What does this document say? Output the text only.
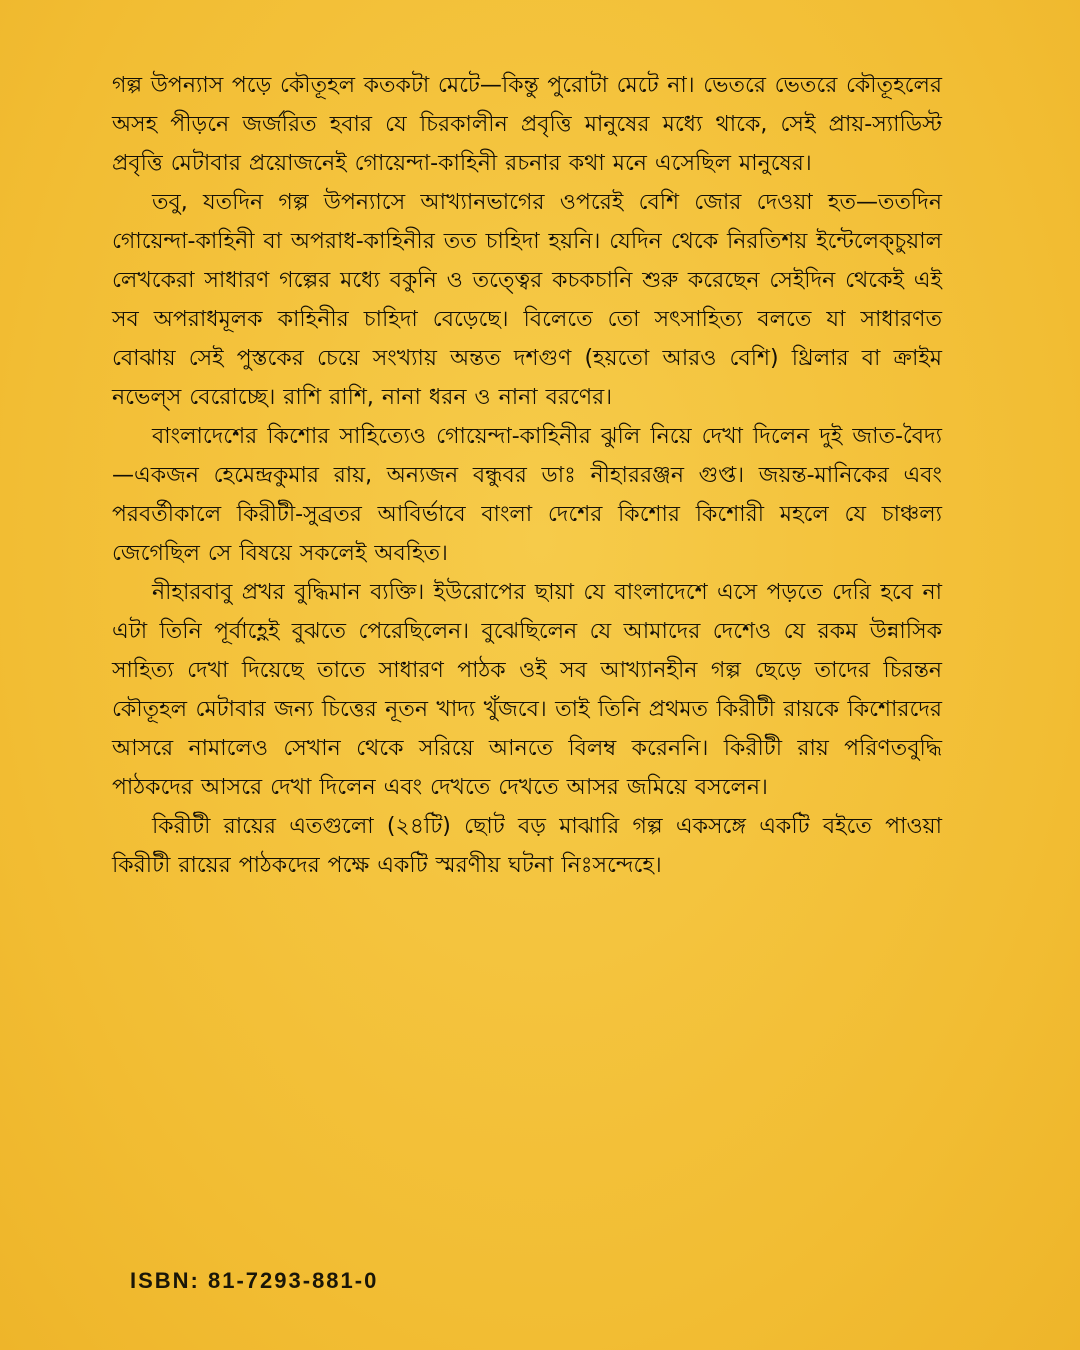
গল্প উপন্যাস পড়ে কৌতূহল কতকটা মেটে—কিন্তু পুরোটা মেটে না। ভেতরে ভেতরে কৌতূহলের অসহ পীড়নে জর্জরিত হবার যে চিরকালীন প্রবৃত্তি মানুষের মধ্যে থাকে, সেই প্রায়-স্যাডিস্ট প্রবৃত্তি মেটাবার প্রয়োজনেই গোয়েন্দা-কাহিনী রচনার কথা মনে এসেছিল মানুষের।

তবু, যতদিন গল্প উপন্যাসে আখ্যানভাগের ওপরেই বেশি জোর দেওয়া হত—ততদিন গোয়েন্দা-কাহিনী বা অপরাধ-কাহিনীর তত চাহিদা হয়নি। যেদিন থেকে নিরতিশয় ইন্টেলেক্চুয়াল লেখকেরা সাধারণ গল্পের মধ্যে বকুনি ও তত্ত্বের কচকচানি শুরু করেছেন সেইদিন থেকেই এই সব অপরাধমূলক কাহিনীর চাহিদা বেড়েছে। বিলেতে তো সৎসাহিত্য বলতে যা সাধারণত বোঝায় সেই পুস্তকের চেয়ে সংখ্যায় অন্তত দশগুণ (হয়তো আরও বেশি) থ্রিলার বা ক্রাইম নভেল্স বেরোচ্ছে। রাশি রাশি, নানা ধরন ও নানা বরণের।

বাংলাদেশের কিশোর সাহিত্যেও গোয়েন্দা-কাহিনীর ঝুলি নিয়ে দেখা দিলেন দুই জাত-বৈদ্য—একজন হেমেন্দ্রকুমার রায়, অন্যজন বন্ধুবর ডাঃ নীহাররঞ্জন গুপ্ত। জয়ন্ত-মানিকের এবং পরবর্তীকালে কিরীটী-সুব্রতর আবির্ভাবে বাংলা দেশের কিশোর কিশোরী মহলে যে চাঞ্চল্য জেগেছিল সে বিষয়ে সকলেই অবহিত।

নীহারবাবু প্রখর বুদ্ধিমান ব্যক্তি। ইউরোপের ছায়া যে বাংলাদেশে এসে পড়তে দেরি হবে না এটা তিনি পূর্বাহ্ণেই বুঝতে পেরেছিলেন। বুঝেছিলেন যে আমাদের দেশেও যে রকম উন্নাসিক সাহিত্য দেখা দিয়েছে তাতে সাধারণ পাঠক ওই সব আখ্যানহীন গল্প ছেড়ে তাদের চিরন্তন কৌতূহল মেটাবার জন্য চিত্তের নূতন খাদ্য খুঁজবে। তাই তিনি প্রথমত কিরীটী রায়কে কিশোরদের আসরে নামালেও সেখান থেকে সরিয়ে আনতে বিলম্ব করেননি। কিরীটী রায় পরিণতবুদ্ধি পাঠকদের আসরে দেখা দিলেন এবং দেখতে দেখতে আসর জমিয়ে বসলেন।

কিরীটী রায়ের এতগুলো (২৪টি) ছোট বড় মাঝারি গল্প একসঙ্গে একটি বইতে পাওয়া কিরীটী রায়ের পাঠকদের পক্ষে একটি স্মরণীয় ঘটনা নিঃসন্দেহে।

ISBN: 81-7293-881-0
